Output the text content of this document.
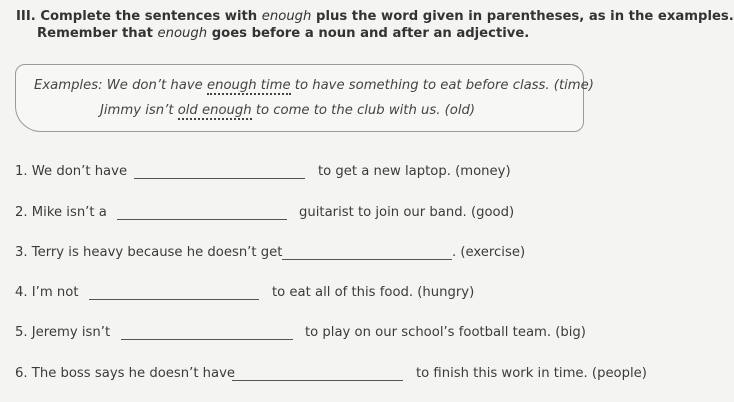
III. Complete the sentences with enough plus the word given in parentheses, as in the examples.
Remember that enough goes before a noun and after an adjective.
Examples: We don’t have enough time to have something to eat before class. (time)
Jimmy isn’t old enough to come to the club with us. (old)
1. We don’t have	to get a new laptop. (money)
2. Mike isn’t a	guitarist to join our band. (good)
3. Terry is heavy because he doesn’t get	. (exercise)
4. I’m not	to eat all of this food. (hungry)
5. Jeremy isn’t	to play on our school’s football team. (big)
6. The boss says he doesn’t have	to finish this work in time. (people)
